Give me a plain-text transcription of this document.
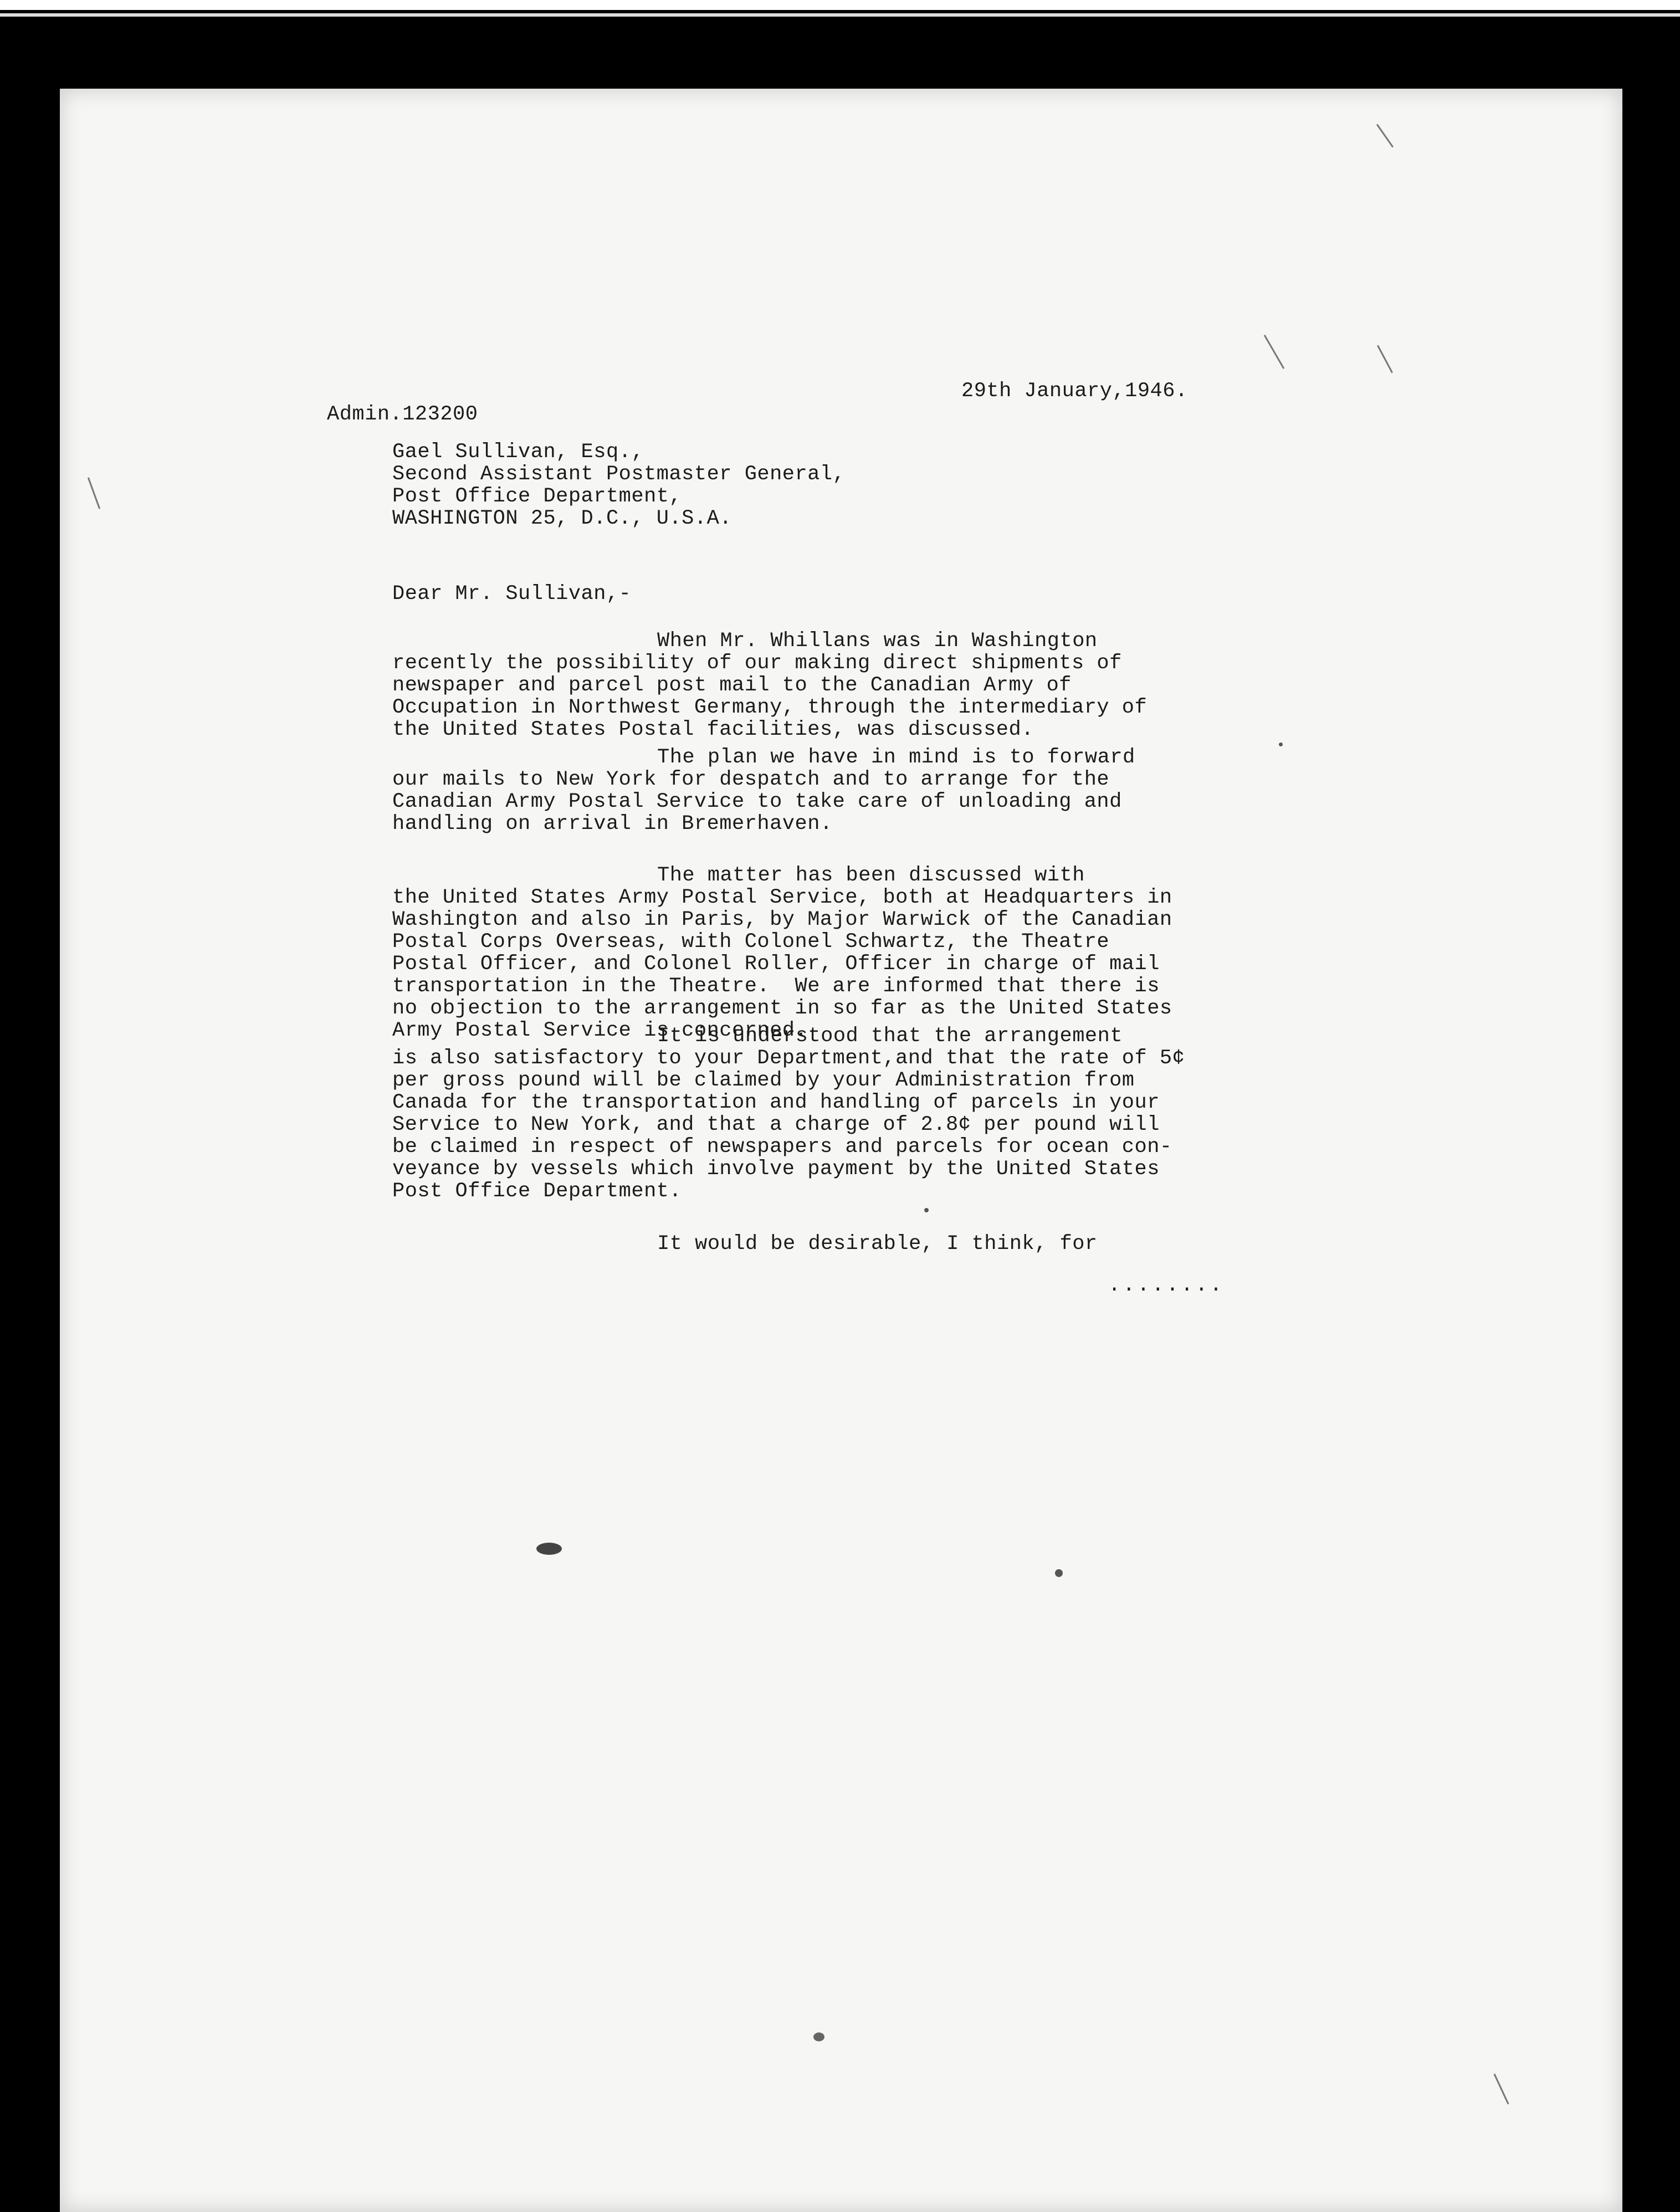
29th January,1946.
Admin.123200
Gael Sullivan, Esq.,
Second Assistant Postmaster General,
Post Office Department,
WASHINGTON 25, D.C., U.S.A.
Dear Mr. Sullivan,-
When Mr. Whillans was in Washington
recently the possibility of our making direct shipments of
newspaper and parcel post mail to the Canadian Army of
Occupation in Northwest Germany, through the intermediary of
the United States Postal facilities, was discussed.
The plan we have in mind is to forward
our mails to New York for despatch and to arrange for the
Canadian Army Postal Service to take care of unloading and
handling on arrival in Bremerhaven.
The matter has been discussed with
the United States Army Postal Service, both at Headquarters in
Washington and also in Paris, by Major Warwick of the Canadian
Postal Corps Overseas, with Colonel Schwartz, the Theatre
Postal Officer, and Colonel Roller, Officer in charge of mail
transportation in the Theatre.  We are informed that there is
no objection to the arrangement in so far as the United States
Army Postal Service is concerned.
It is understood that the arrangement
is also satisfactory to your Department,and that the rate of 5¢
per gross pound will be claimed by your Administration from
Canada for the transportation and handling of parcels in your
Service to New York, and that a charge of 2.8¢ per pound will
be claimed in respect of newspapers and parcels for ocean con-
veyance by vessels which involve payment by the United States
Post Office Department.
It would be desirable, I think, for
........
